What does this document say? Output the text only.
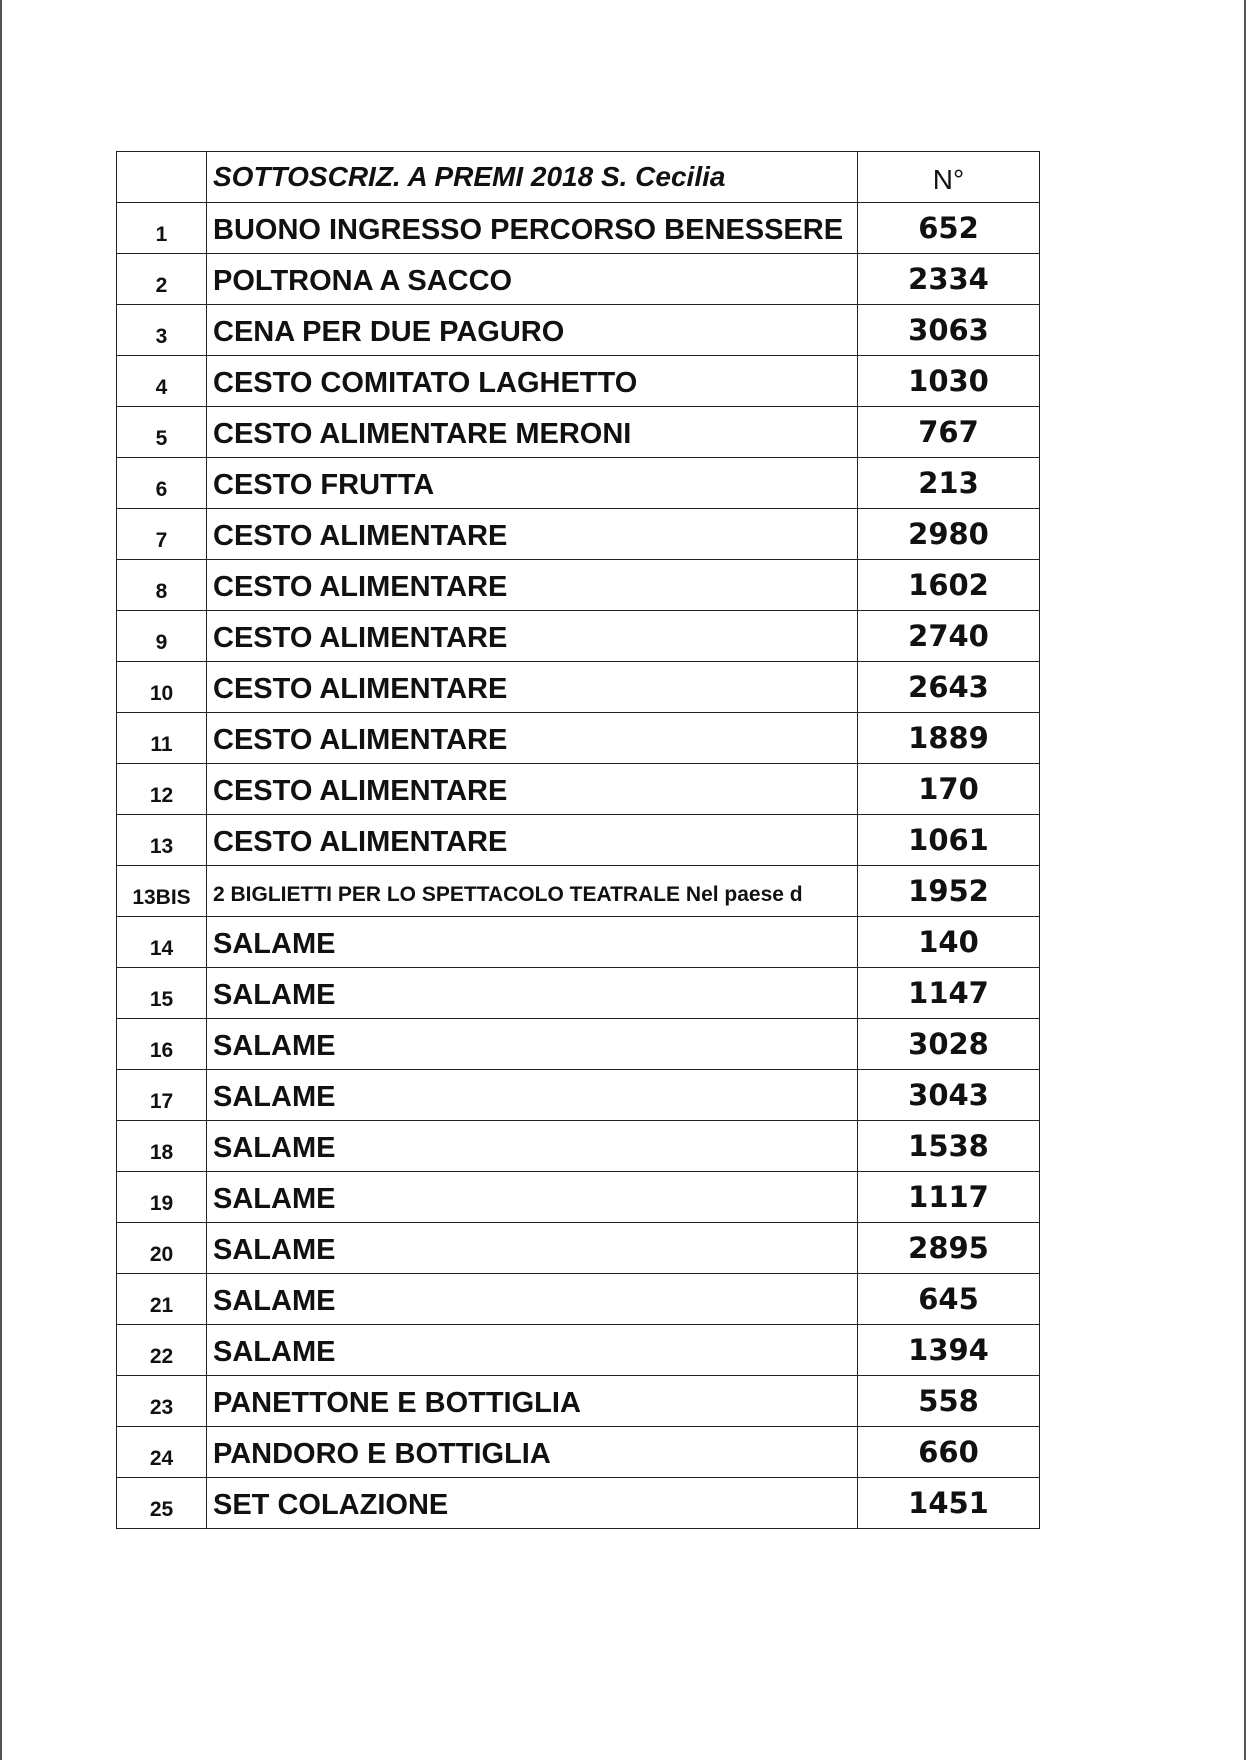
	SOTTOSCRIZ. A PREMI 2018 S. Cecilia	N°
1	BUONO INGRESSO PERCORSO BENESSERE	652
2	POLTRONA A SACCO	2334
3	CENA PER DUE PAGURO	3063
4	CESTO COMITATO LAGHETTO	1030
5	CESTO ALIMENTARE MERONI	767
6	CESTO FRUTTA	213
7	CESTO ALIMENTARE	2980
8	CESTO ALIMENTARE	1602
9	CESTO ALIMENTARE	2740
10	CESTO ALIMENTARE	2643
11	CESTO ALIMENTARE	1889
12	CESTO ALIMENTARE	170
13	CESTO ALIMENTARE	1061
13BIS	2 BIGLIETTI PER LO SPETTACOLO TEATRALE Nel paese d	1952
14	SALAME	140
15	SALAME	1147
16	SALAME	3028
17	SALAME	3043
18	SALAME	1538
19	SALAME	1117
20	SALAME	2895
21	SALAME	645
22	SALAME	1394
23	PANETTONE E BOTTIGLIA	558
24	PANDORO E BOTTIGLIA	660
25	SET COLAZIONE	1451
